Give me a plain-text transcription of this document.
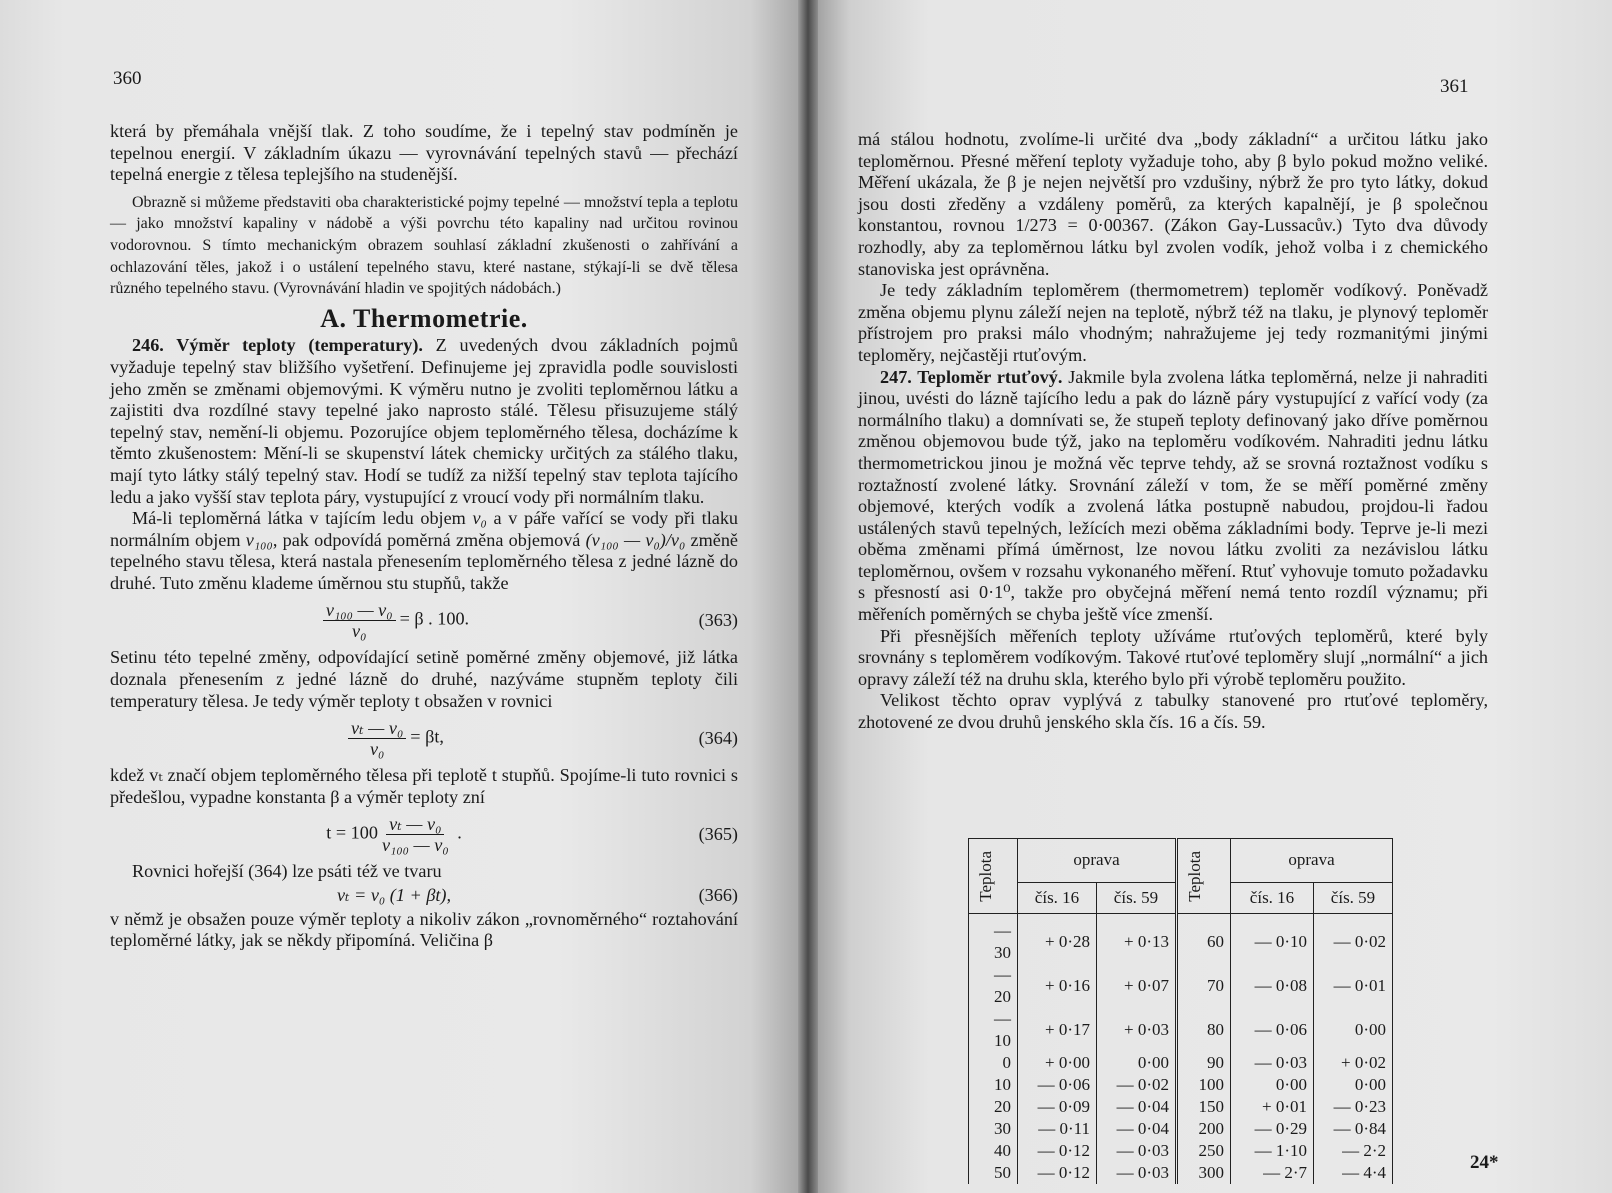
360

která by přemáhala vnější tlak. Z toho soudíme, že i tepelný stav podmíněn je tepelnou energií. V základním úkazu — vyrovnávání tepelných stavů — přechází tepelná energie z tělesa teplejšího na studenější.

Obrazně si můžeme představiti oba charakteristické pojmy tepelné — množství tepla a teplotu — jako množství kapaliny v nádobě a výši povrchu této kapaliny nad určitou rovinou vodorovnou. S tímto mechanickým obrazem souhlasí základní zkušenosti o zahřívání a ochlazování těles, jakož i o ustálení tepelného stavu, které nastane, stýkají-li se dvě tělesa různého tepelného stavu. (Vyrovnávání hladin ve spojitých nádobách.)

A. Thermometrie.

246. Výměr teploty (temperatury). Z uvedených dvou základních pojmů vyžaduje tepelný stav bližšího vyšetření. Definujeme jej zpravidla podle souvislosti jeho změn se změnami objemovými. K výměru nutno je zvoliti teploměrnou látku a zajistiti dva rozdílné stavy tepelné jako naprosto stálé. Tělesu přisuzujeme stálý tepelný stav, nemění-li objemu. Pozorujíce objem teploměrného tělesa, docházíme k těmto zkušenostem: Mění-li se skupenství látek chemicky určitých za stálého tlaku, mají tyto látky stálý tepelný stav. Hodí se tudíž za nižší tepelný stav teplota tajícího ledu a jako vyšší stav teplota páry, vystupující z vroucí vody při normálním tlaku.

Má-li teploměrná látka v tajícím ledu objem v₀ a v páře vařící se vody při tlaku normálním objem v₁₀₀, pak odpovídá poměrná změna objemová (v₁₀₀ — v₀)/v₀ změně tepelného stavu tělesa, která nastala přenesením teploměrného tělesa z jedné lázně do druhé. Tuto změnu klademe úměrnou stu stupňů, takže

$\frac{\text{v₁₀₀ — v₀}}{\text{v₀}} = \beta$ . 100.	(363)

Setinu této tepelné změny, odpovídající setině poměrné změny objemové, již látka doznala přenesením z jedné lázně do druhé, nazýváme stupněm teploty čili temperatury tělesa. Je tedy výměr teploty t obsažen v rovnici

$\frac{\text{vₜ — v₀}}{\text{v₀}} = \beta t$,	(364)

kdež vₜ značí objem teploměrného tělesa při teplotě t stupňů. Spojíme-li tuto rovnici s předešlou, vypadne konstanta β a výměr teploty zní

$t = 100 \frac{\text{vₜ — v₀}}{\text{v₁₀₀ — v₀}}$ .	(365)

Rovnici hořejší (364) lze psáti též ve tvaru

vₜ = v₀ (1 + βt),	(366)

v němž je obsažen pouze výměr teploty a nikoliv zákon „rovnoměrného“ roztahování teploměrné látky, jak se někdy připomíná. Veličina β

361

má stálou hodnotu, zvolíme-li určité dva „body základní“ a určitou látku jako teploměrnou. Přesné měření teploty vyžaduje toho, aby β bylo pokud možno veliké. Měření ukázala, že β je nejen největší pro vzdušiny, nýbrž že pro tyto látky, dokud jsou dosti zředěny a vzdáleny poměrů, za kterých kapalnějí, je β společnou konstantou, rovnou 1/273 = 0·00367. (Zákon Gay-Lussacův.) Tyto dva důvody rozhodly, aby za teploměrnou látku byl zvolen vodík, jehož volba i z chemického stanoviska jest oprávněna.

Je tedy základním teploměrem (thermometrem) teploměr vodíkový. Poněvadž změna objemu plynu záleží nejen na teplotě, nýbrž též na tlaku, je plynový teploměr přístrojem pro praksi málo vhodným; nahražujeme jej tedy rozmanitými jinými teploměry, nejčastěji rtuťovým.

247. Teploměr rtuťový. Jakmile byla zvolena látka teploměrná, nelze ji nahraditi jinou, uvésti do lázně tajícího ledu a pak do lázně páry vystupující z vařící vody (za normálního tlaku) a domnívati se, že stupeň teploty definovaný jako dříve poměrnou změnou objemovou bude týž, jako na teploměru vodíkovém. Nahraditi jednu látku thermometrickou jinou je možná věc teprve tehdy, až se srovná roztažnost vodíku s roztažností zvolené látky. Srovnání záleží v tom, že se měří poměrné změny objemové, kterých vodík a zvolená látka postupně nabudou, projdou-li řadou ustálených stavů tepelných, ležících mezi oběma základními body. Teprve je-li mezi oběma změnami přímá úměrnost, lze novou látku zvoliti za nezávislou látku teploměrnou, ovšem v rozsahu vykonaného měření. Rtuť vyhovuje tomuto požadavku s přesností asi 0·1⁰, takže pro obyčejná měření nemá tento rozdíl významu; při měřeních poměrných se chyba ještě více zmenší.

Při přesnějších měřeních teploty užíváme rtuťových teploměrů, které byly srovnány s teploměrem vodíkovým. Takové rtuťové teploměry slují „normální“ a jich opravy záleží též na druhu skla, kterého bylo při výrobě teploměru použito.

Velikost těchto oprav vyplývá z tabulky stanovené pro rtuťové teploměry, zhotovené ze dvou druhů jenského skla čís. 16 a čís. 59.

Teplota	oprava		Teplota	oprava	
	čís. 16	čís. 59		čís. 16	čís. 59
— 30	+ 0·28	+ 0·13	60	— 0·10	— 0·02
— 20	+ 0·16	+ 0·07	70	— 0·08	— 0·01
— 10	+ 0·17	+ 0·03	80	— 0·06	0·00
0	+ 0·00	0·00	90	— 0·03	+ 0·02
10	— 0·06	— 0·02	100	0·00	0·00
20	— 0·09	— 0·04	150	+ 0·01	— 0·23
30	— 0·11	— 0·04	200	— 0·29	— 0·84
40	— 0·12	— 0·03	250	— 1·10	— 2·2
50	— 0·12	— 0·03	300	— 2·7	— 4·4	24*
